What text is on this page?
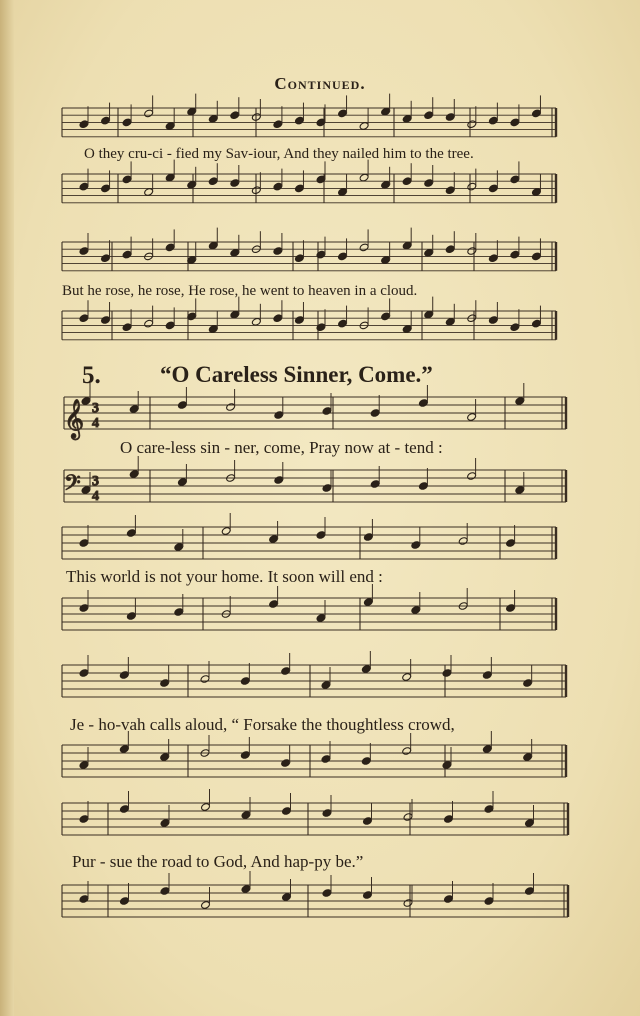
Continued.
𝄞
𝄢
3
4
3
4
O they cru-ci - fied my Sav-iour, And they nailed him to the tree.
But he rose, he rose, He rose, he went to heaven in a cloud.
5.	“O Careless Sinner, Come.”
O care-less sin - ner, come, Pray now at - tend :
This world is not your home. It soon will end :
Je - ho-vah calls aloud, “ Forsake the thoughtless crowd,
Pur - sue the road to God, And hap-py be.”
